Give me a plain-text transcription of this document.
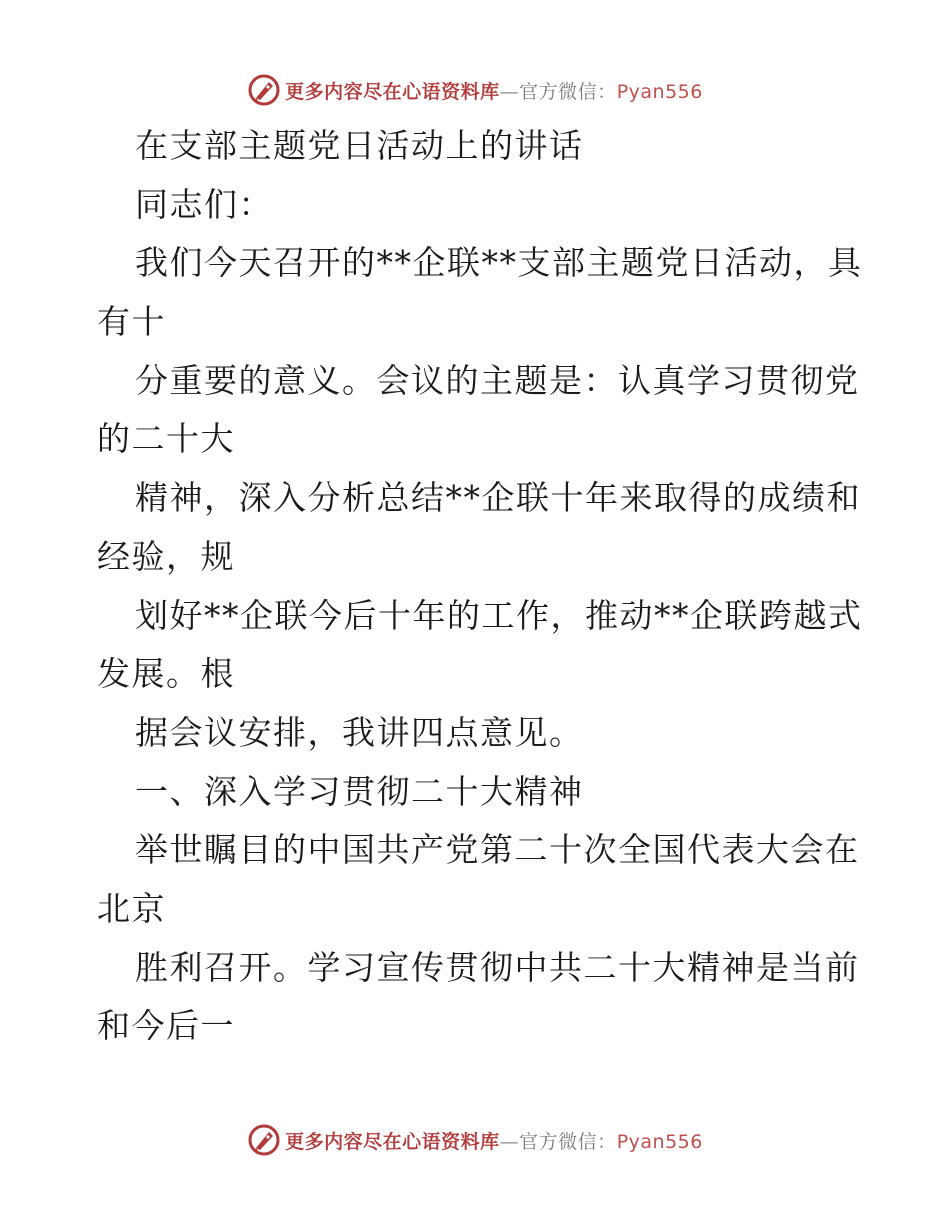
更多内容尽在心语资料库—官方微信：Pyan556
在支部主题党日活动上的讲话
同志们：
我们今天召开的**企联**支部主题党日活动，具
有十
分重要的意义。会议的主题是：认真学习贯彻党
的二十大
精神，深入分析总结**企联十年来取得的成绩和
经验，规
划好**企联今后十年的工作，推动**企联跨越式
发展。根
据会议安排，我讲四点意见。
一、深入学习贯彻二十大精神
举世瞩目的中国共产党第二十次全国代表大会在
北京
胜利召开。学习宣传贯彻中共二十大精神是当前
和今后一
更多内容尽在心语资料库—官方微信：Pyan556
